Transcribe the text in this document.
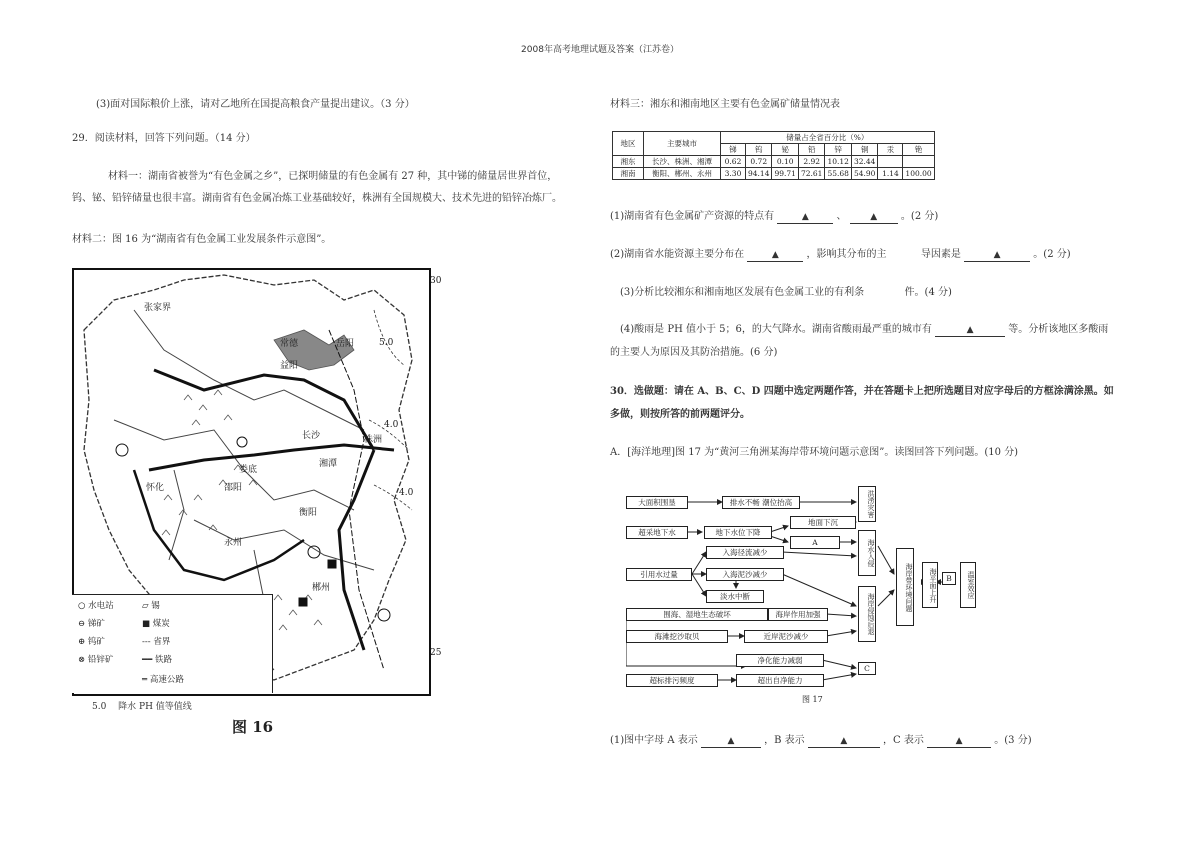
2008年高考地理试题及答案（江苏卷）
(3)面对国际粮价上涨，请对乙地所在国提高粮食产量提出建议。（3 分）
29．阅读材料，回答下列问题。（14 分）
材料一：湖南省被誉为“有色金属之乡”，已探明储量的有色金属有 27 种，其中锑的储量居世界首位，
钨、铋、铅锌储量也很丰富。湖南省有色金属冶炼工业基础较好，株洲有全国规模大、技术先进的铅锌冶炼厂。
材料二：图 16 为“湖南省有色金属工业发展条件示意图”。
张家界
常德
益阳
岳阳
长沙
怀化
娄底
湘潭
株洲
邵阳
衡阳
永州
郴州
5.0
4.0
4.0
30
25
○ 水电站
⊖ 锑矿
⊕ 钨矿
⊗ 铅锌矿
▱ 锡
■ 煤炭
--- 省界
━━ 铁路
═ 高速公路
5.0　 降水 PH 值等值线
图 16
材料三：湘东和湘南地区主要有色金属矿储量情况表
地区	主要城市	储量占全省百分比（%）							
		锑	钨	铋	铅	锌	铜	汞	铯
湘东	长沙、株洲、湘潭	0.62	0.72	0.10	2.92	10.12	32.44		
湘南	衡阳、郴州、永州	3.30	94.14	99.71	72.61	55.68	54.90	1.14	100.00
(1)湖南省有色金属矿产资源的特点有	▲	、	▲ 。(2 分)
(2)湖南省水能资源主要分布在	▲	，影响其分布的主	导因素是	▲	。(2 分)
(3)分析比较湘东和湘南地区发展有色金属工业的有利条	件。(4 分)
(4)酸雨是 PH 值小于 5；6，的大气降水。湖南省酸雨最严重的城市有	▲	等。分析该地区多酸雨
的主要人为原因及其防治措施。(6 分)
30．选做题：请在 A、B、C、D 四题中选定两题作答，并在答题卡上把所选题目对应字母后的方框涂满涂黑。如
多做，则按所答的前两题评分。
A．[海洋地理]图 17 为“黄河三角洲某海岸带环境问题示意图”。读图回答下列问题。(10 分)
大面积围垦
超采地下水
引用水过量
围海、湿地生态破坏
海滩挖沙取贝
超标排污频度
排水不畅 潮位抬高
地下水位下降
入海径流减少
入海泥沙减少
淡水中断
海岸作用加强
近岸泥沙减少
净化能力减弱
超出自净能力
地面下沉
A
洪涝灾害
海水入侵
海岸侵蚀后退
C
海岸带环境问题	海平面上升	B	温室效应
图 17
(1)图中字母 A 表示	▲	，B 表示	▲	，C 表示	▲	。(3 分)
